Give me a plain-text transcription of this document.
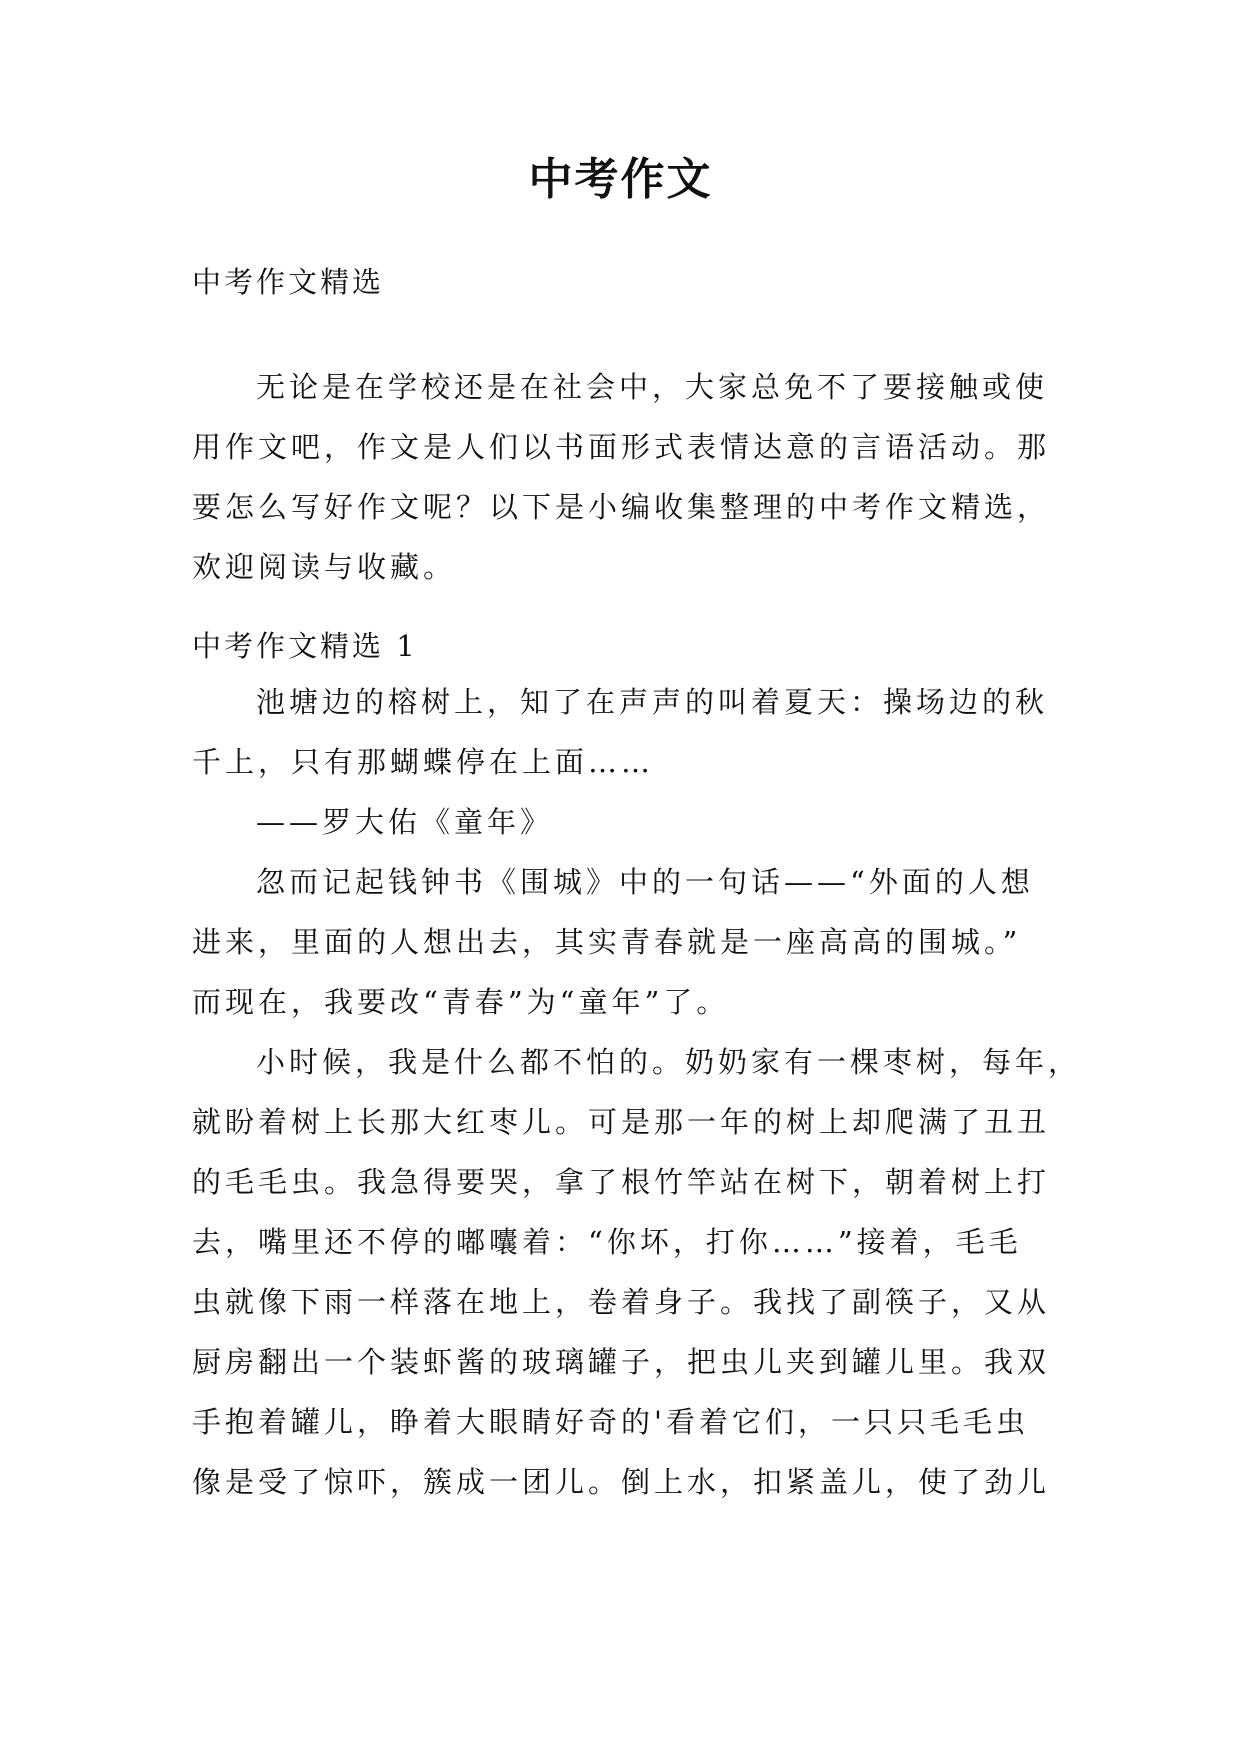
中考作文
中考作文精选
无论是在学校还是在社会中，大家总免不了要接触或使
用作文吧，作文是人们以书面形式表情达意的言语活动。那
要怎么写好作文呢？以下是小编收集整理的中考作文精选，
欢迎阅读与收藏。
中考作文精选 1
池塘边的榕树上，知了在声声的叫着夏天：操场边的秋
千上，只有那蝴蝶停在上面……
——罗大佑《童年》
忽而记起钱钟书《围城》中的一句话——“外面的人想
进来，里面的人想出去，其实青春就是一座高高的围城。”
而现在，我要改“青春”为“童年”了。
小时候，我是什么都不怕的。奶奶家有一棵枣树，每年，
就盼着树上长那大红枣儿。可是那一年的树上却爬满了丑丑
的毛毛虫。我急得要哭，拿了根竹竿站在树下，朝着树上打
去，嘴里还不停的嘟囔着：“你坏，打你……”接着，毛毛
虫就像下雨一样落在地上，卷着身子。我找了副筷子，又从
厨房翻出一个装虾酱的玻璃罐子，把虫儿夹到罐儿里。我双
手抱着罐儿，睁着大眼睛好奇的'看着它们，一只只毛毛虫
像是受了惊吓，簇成一团儿。倒上水，扣紧盖儿，使了劲儿
